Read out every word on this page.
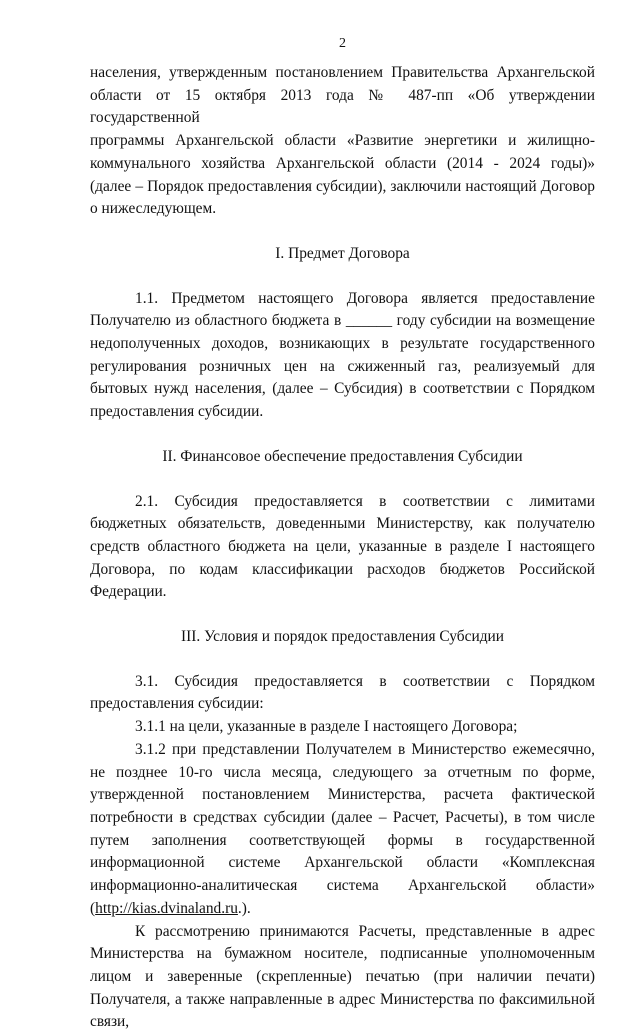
2

населения, утвержденным постановлением Правительства Архангельской

области от 15 октября 2013 года № 487-пп «Об утверждении государственной

программы Архангельской области «Развитие энергетики и жилищно-

коммунального хозяйства Архангельской области (2014 - 2024 годы)»

(далее – Порядок предоставления субсидии), заключили настоящий Договор

о нижеследующем.

I. Предмет Договора

1.1. Предметом настоящего Договора является предоставление Получателю из областного бюджета в ______ году субсидии на возмещение недополученных доходов, возникающих в результате государственного регулирования розничных цен на сжиженный газ, реализуемый для бытовых нужд населения, (далее – Субсидия) в соответствии с Порядком предоставления субсидии.

II. Финансовое обеспечение предоставления Субсидии

2.1. Субсидия предоставляется в соответствии с лимитами бюджетных обязательств, доведенными Министерству, как получателю средств областного бюджета на цели, указанные в разделе I настоящего Договора, по кодам классификации расходов бюджетов Российской Федерации.

III. Условия и порядок предоставления Субсидии

3.1. Субсидия предоставляется в соответствии с Порядком предоставления субсидии:

3.1.1 на цели, указанные в разделе I настоящего Договора;

3.1.2 при представлении Получателем в Министерство ежемесячно, не позднее 10-го числа месяца, следующего за отчетным по форме, утвержденной постановлением Министерства, расчета фактической потребности в средствах субсидии (далее – Расчет, Расчеты), в том числе путем заполнения соответствующей формы в государственной информационной системе Архангельской области «Комплексная информационно-аналитическая система Архангельской области» (http://kias.dvinaland.ru.).

К рассмотрению принимаются Расчеты, представленные в адрес Министерства на бумажном носителе, подписанные уполномоченным лицом и заверенные (скрепленные) печатью (при наличии печати) Получателя, а также направленные в адрес Министерства по факсимильной связи,
